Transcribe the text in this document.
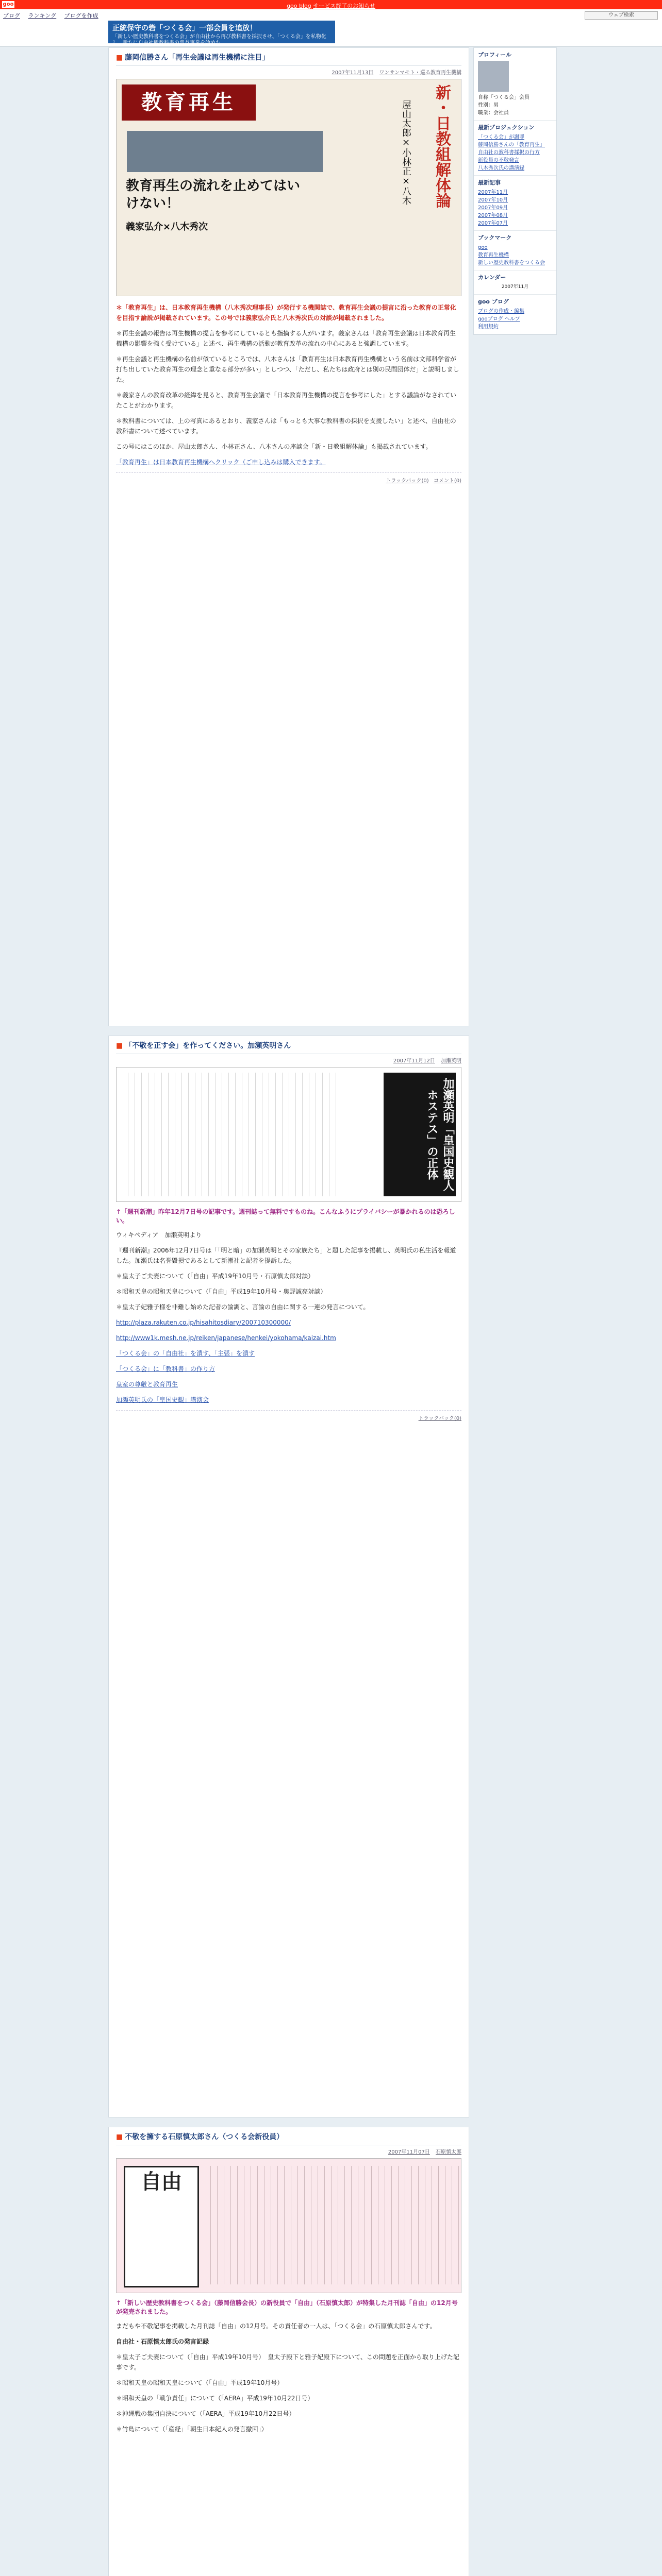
goo	goo blog サービス終了のお知らせ
ブログ ランキング ブログを作成	ウェブ検索
正統保守の砦「つくる会」一部会員を追放！
「新しい歴史教科書をつくる会」が自由社から再び教科書を採択させ、「つくる会」を私物化し、新たに自由社版教科書の普及事業を始めた…
■ 藤岡信勝さん「再生会議は再生機構に注目」
2007年11月13日 ワンサンマモト・巡る教育再生機構
教育再生
教育再生の流れを止めてはいけない！
義家弘介×八木秀次
屋山太郎×小林正×八木	新・日教組解体論

＊「教育再生」は、日本教育再生機構（八木秀次理事長）が発行する機関誌で、教育再生会議の提言に沿った教育の正常化を目指す論説が掲載されています。この号では義家弘介氏と八木秀次氏の対談が掲載されました。

＊再生会議の報告は再生機構の提言を参考にしているとも指摘する人がいます。義家さんは「教育再生会議は日本教育再生機構の影響を強く受けている」と述べ、再生機構の活動が教育改革の流れの中心にあると強調しています。

＊再生会議と再生機構の名前が似ているところでは、八木さんは「教育再生は日本教育再生機構という名前は文部科学省が打ち出していた教育再生の理念と重なる部分が多い」としつつ、「ただし、私たちは政府とは別の民間団体だ」と説明しました。

＊義家さんの教育改革の経緯を見ると、教育再生会議で「日本教育再生機構の提言を参考にした」とする議論がなされていたことがわかります。

＊教科書については、上の写真にあるとおり、義家さんは「もっとも大事な教科書の採択を支援したい」と述べ、自由社の教科書について述べています。

この号にはこのほか、屋山太郎さん、小林正さん、八木さんの座談会「新・日教組解体論」も掲載されています。

「教育再生」は日本教育再生機構へクリック（ご申し込みは購入できます。

トラックバック(0) コメント(0)
■ 「不敬を正す会」を作ってください。加瀬英明さん
2007年11月12日 加瀬英明
加瀬英明「皇国史観人ホステス」の正体
↑「週刊新潮」昨年12月7日号の記事です。週刊誌って無料ですものね。こんなふうにプライバシーが暴かれるのは恐ろしい。

ウィキペディア　加瀬英明より

『週刊新潮』2006年12月7日号は「「明と暗」の加瀬英明とその家族たち」と題した記事を掲載し、英明氏の私生活を報道した。加瀬氏は名誉毀損であるとして新潮社と記者を提訴した。

＊皇太子ご夫妻について（「自由」平成19年10月号・石原慎太郎対談）

＊昭和天皇の昭和天皇について（「自由」平成19年10月号・奥野誠亮対談）

＊皇太子妃雅子様を非難し始めた記者の論調と、言論の自由に関する一連の発言について。

http://plaza.rakuten.co.jp/hisahitosdiary/200710300000/

http://www1k.mesh.ne.jp/reiken/japanese/henkei/yokohama/kaizai.htm

「つくる会」の「自由社」を潰す、「主張」を潰す

「つくる会」に「教科書」の作り方

皇室の尊厳と教育再生

加瀬英明氏の「皇国史観」講演会

トラックバック(0)
■ 不敬を擁する石原慎太郎さん（つくる会新役員）
2007年11月07日 石原慎太郎
自由
↑「新しい歴史教科書をつくる会」（藤岡信勝会長）の新役員で「自由」（石原慎太郎）が特集した月刊誌「自由」の12月号が発売されました。

まだもや不敬記事を掲載した月刊誌「自由」の12月号。その責任者の一人は、「つくる会」の石原慎太郎さんです。

自由社・石原慎太郎氏の発言記録

＊皇太子ご夫妻について（「自由」平成19年10月号）　皇太子殿下と雅子妃殿下について、この問題を正面から取り上げた記事です。

＊昭和天皇の昭和天皇について（「自由」平成19年10月号）

＊昭和天皇の「戦争責任」について（「AERA」平成19年10月22日号）

＊沖縄戦の集団自決について（「AERA」平成19年10月22日号）

＊竹島について（「産経」「朝生日本紀人の発言撤回」）

プロフィール
自称「つくる会」会員
性別：男
職業：会社員
最新プロジェクション
「つくる会」が謝罪
藤岡信勝さんの「教育再生」
自由社の教科書採択の行方
新役員の不敬発言
八木秀次氏の講演録
最新記事
2007年11月
2007年10月
2007年09月
2007年08月
2007年07月
ブックマーク
goo
教育再生機構
新しい歴史教科書をつくる会
カレンダー
2007年11月
goo ブログ
ブログの作成・編集
gooブログ ヘルプ
利用規約
